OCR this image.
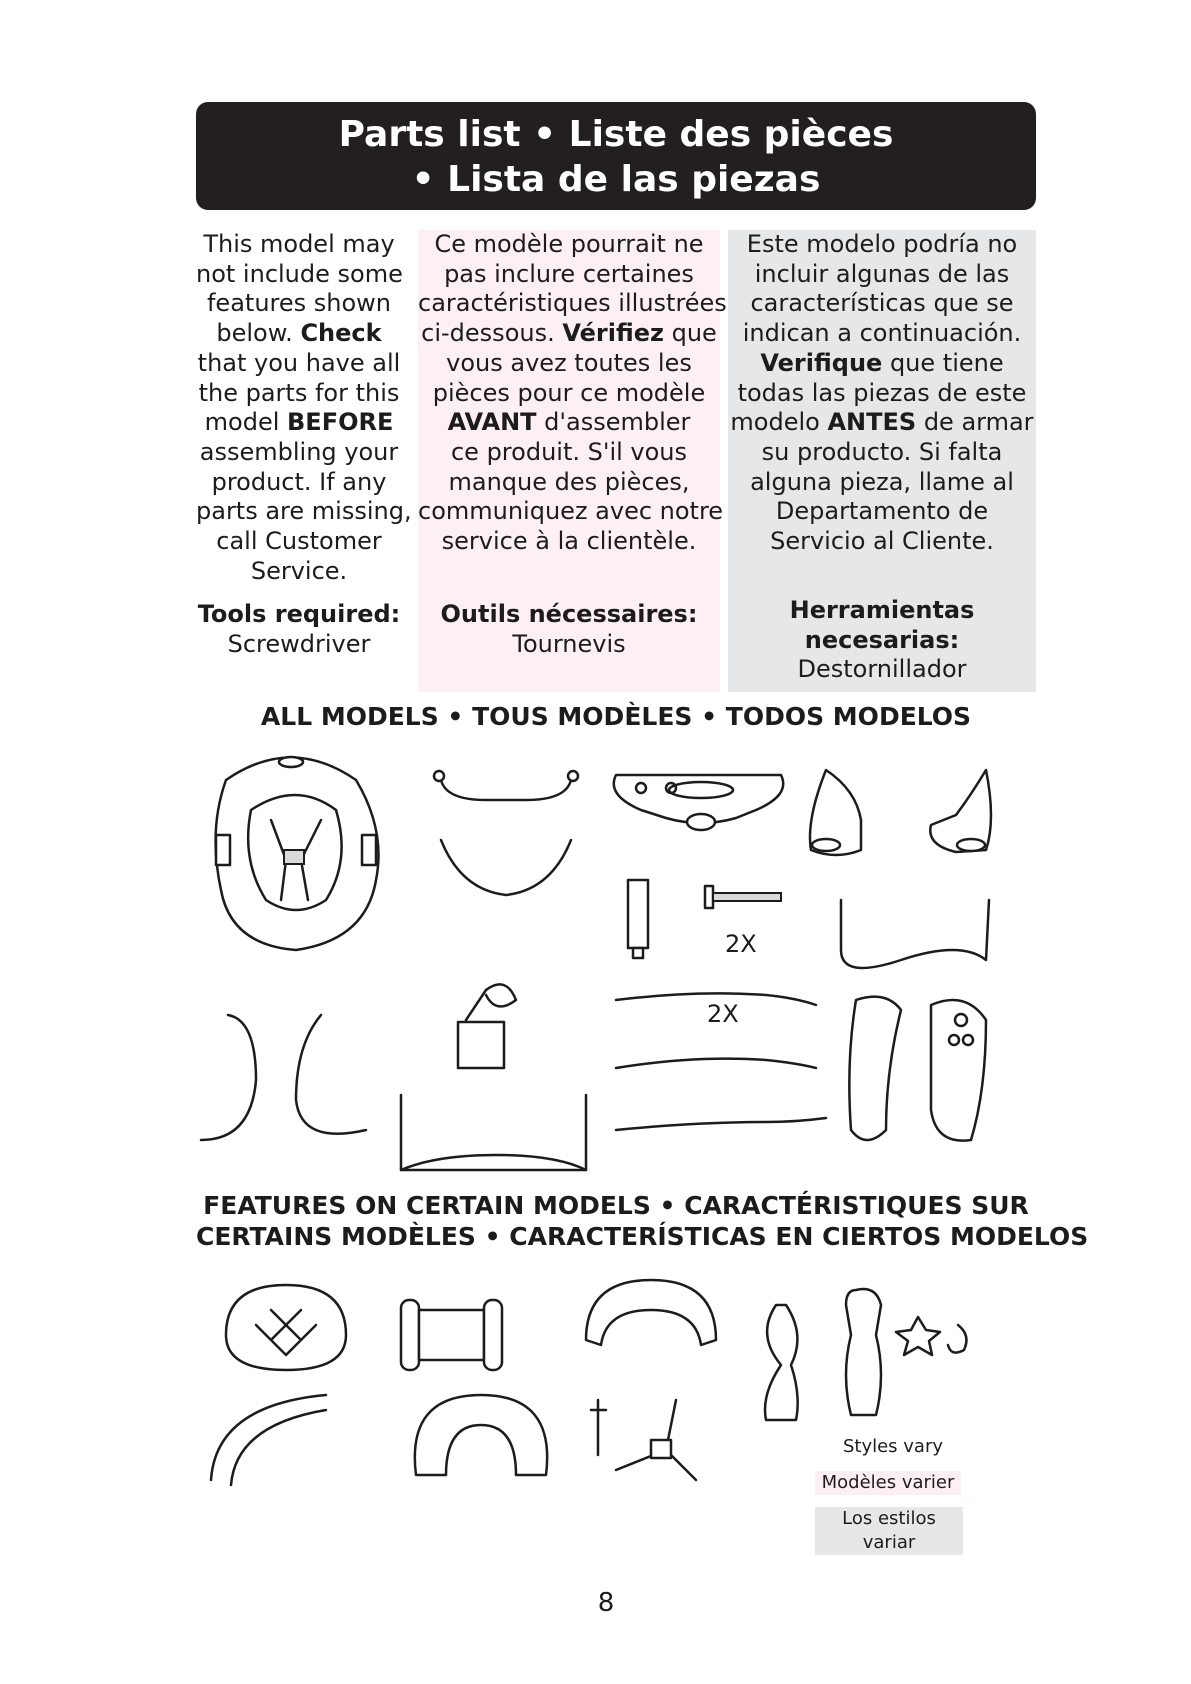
Parts list • Liste des pièces
• Lista de las piezas
This model may
not include some
features shown
below. Check
that you have all
the parts for this
model BEFORE
assembling your
product. If any
parts are missing,
call Customer
Service.
Tools required:
Screwdriver
Ce modèle pourrait ne
pas inclure certaines
caractéristiques illustrées
ci-dessous. Vérifiez que
vous avez toutes les
pièces pour ce modèle
AVANT d'assembler
ce produit. S'il vous
manque des pièces,
communiquez avec notre
service à la clientèle.
Outils nécessaires:
Tournevis
Este modelo podría no
incluir algunas de las
características que se
indican a continuación.
Verifique que tiene
todas las piezas de este
modelo ANTES de armar
su producto. Si falta
alguna pieza, llame al
Departamento de
Servicio al Cliente.
Herramientas
necesarias:
Destornillador
ALL MODELS • TOUS MODÈLES • TODOS MODELOS
2X
2X
FEATURES ON CERTAIN MODELS • CARACTÉRISTIQUES SUR
CERTAINS MODÈLES • CARACTERÍSTICAS EN CIERTOS MODELOS
Styles vary
Modèles varier
Los estilos variar
8
